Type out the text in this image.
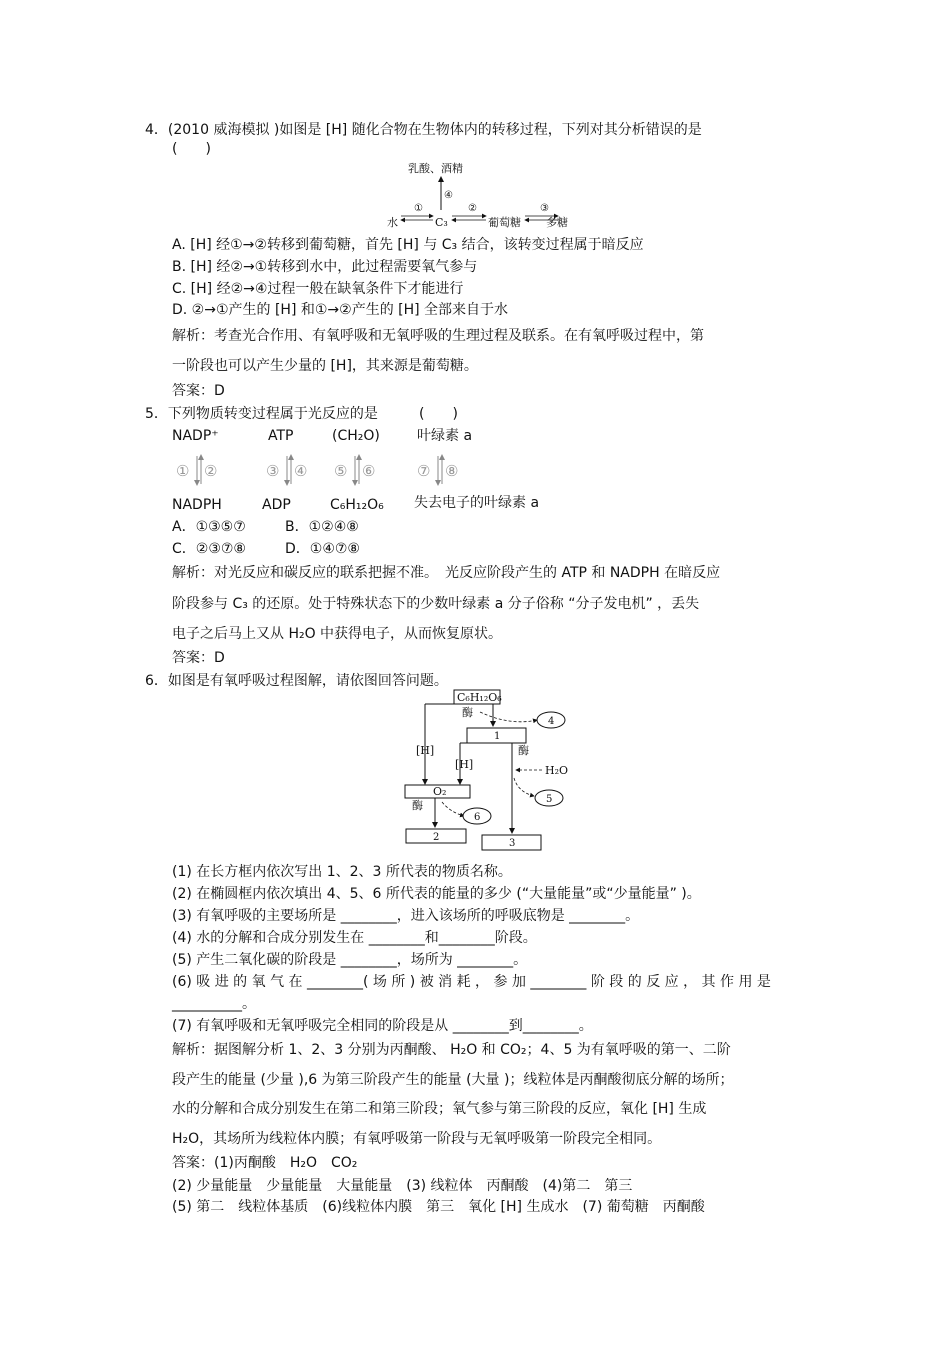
4．(2010 威海模拟 )如图是 [H] 随化合物在生物体内的转移过程，下列对其分析错误的是
(　　)
乳酸、酒精
④
水
①
C₃
②
葡萄糖
③
多糖
A. [H] 经①→②转移到葡萄糖，首先 [H] 与 C₃ 结合，该转变过程属于暗反应
B. [H] 经②→①转移到水中，此过程需要氧气参与
C. [H] 经②→④过程一般在缺氧条件下才能进行
D. ②→①产生的 [H] 和①→②产生的 [H] 全部来自于水
解析：考查光合作用、有氧呼吸和无氧呼吸的生理过程及联系。在有氧呼吸过程中，第
一阶段也可以产生少量的 [H]，其来源是葡萄糖。
答案：D
5．下列物质转变过程属于光反应的是	(　　)
NADP⁺	ATP	(CH₂O)	叶绿素 a
① ②	③ ④ ⑤ ⑥	⑦ ⑧
NADPH	ADP	C₆H₁₂O₆ 失去电子的叶绿素 a
A．①③⑤⑦	B．①②④⑧
C．②③⑦⑧	D．①④⑦⑧
解析：对光反应和碳反应的联系把握不准。　光反应阶段产生的 ATP 和 NADPH 在暗反应
阶段参与 C₃ 的还原。处于特殊状态下的少数叶绿素 a 分子俗称 “分子发电机” ，丢失
电子之后马上又从 H₂O 中获得电子，从而恢复原状。
答案：D
6．如图是有氧呼吸过程图解，请依图回答问题。
C₆H₁₂O₆
酶
4
1
酶
[H]
[H]	H₂O
5
O₂
酶
6
2
3
(1) 在长方框内依次写出 1、2、3 所代表的物质名称。
(2) 在椭圆框内依次填出 4、5、6 所代表的能量的多少 (“大量能量”或“少量能量” )。
(3) 有氧呼吸的主要场所是 ________，进入该场所的呼吸底物是 ________。
(4) 水的分解和合成分别发生在 ________和________阶段。
(5) 产生二氧化碳的阶段是 ________，场所为 ________。
(6) 吸 进 的 氧 气 在 ________( 场 所 ) 被 消 耗 ， 参 加 ________ 阶 段 的 反 应 ， 其 作 用 是
__________。
(7) 有氧呼吸和无氧呼吸完全相同的阶段是从 ________到________。
解析：据图解分析 1、2、3 分别为丙酮酸、 H₂O 和 CO₂；4、5 为有氧呼吸的第一、二阶
段产生的能量 (少量 ),6 为第三阶段产生的能量 (大量 )；线粒体是丙酮酸彻底分解的场所；
水的分解和合成分别发生在第二和第三阶段；氧气参与第三阶段的反应，氧化 [H] 生成
H₂O，其场所为线粒体内膜；有氧呼吸第一阶段与无氧呼吸第一阶段完全相同。
答案：(1)丙酮酸　H₂O　CO₂
(2) 少量能量　少量能量　大量能量　(3) 线粒体　丙酮酸　(4)第二　第三
(5) 第二　线粒体基质　(6)线粒体内膜　第三　氧化 [H] 生成水　(7) 葡萄糖　丙酮酸
